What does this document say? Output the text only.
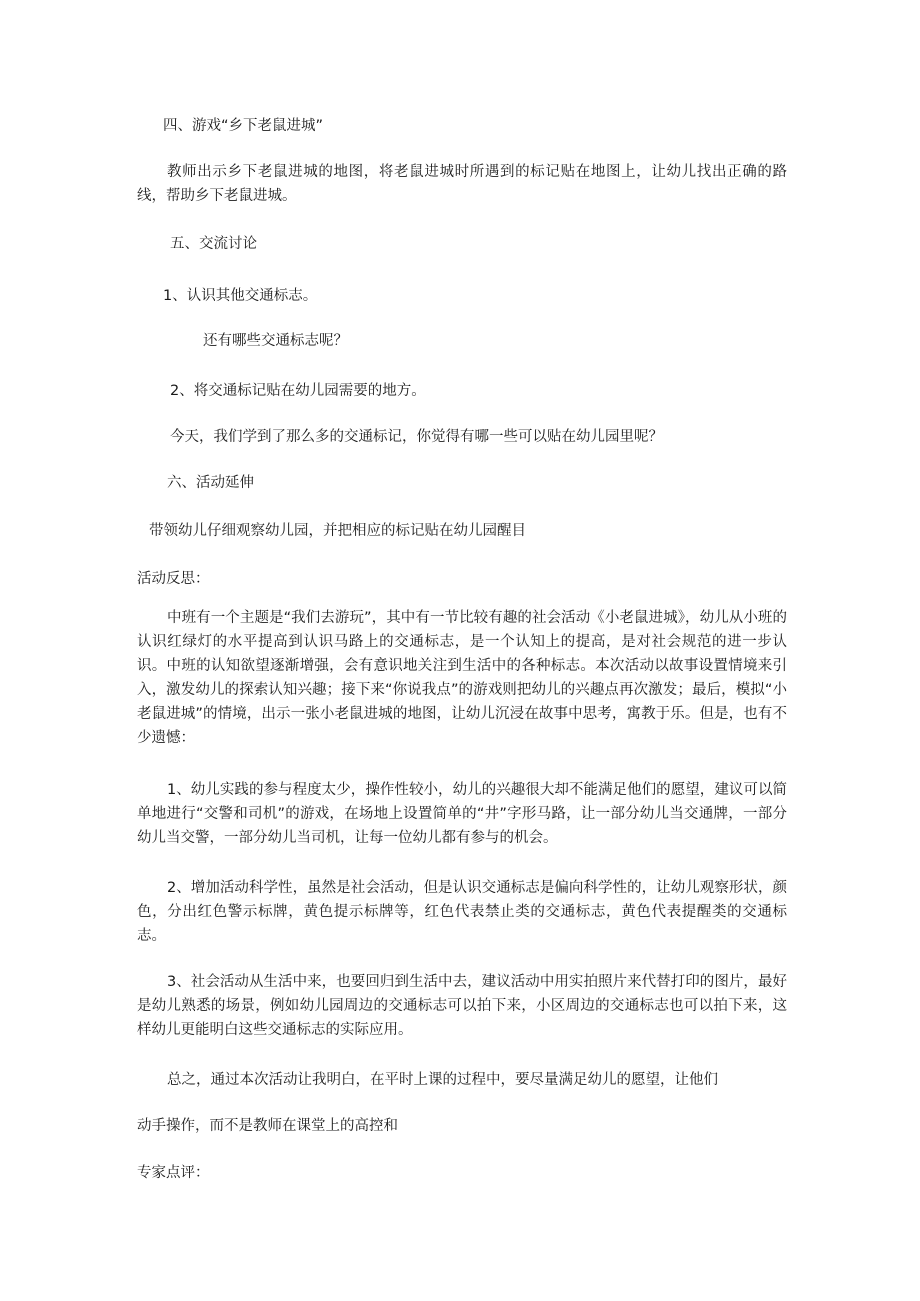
四、游戏“乡下老鼠进城”

教师出示乡下老鼠进城的地图，将老鼠进城时所遇到的标记贴在地图上，让幼儿找出正确的路线，帮助乡下老鼠进城。

五、交流讨论

1、认识其他交通标志。

还有哪些交通标志呢？

2、将交通标记贴在幼儿园需要的地方。

今天，我们学到了那么多的交通标记，你觉得有哪一些可以贴在幼儿园里呢？

六、活动延伸

带领幼儿仔细观察幼儿园，并把相应的标记贴在幼儿园醒目

活动反思：

中班有一个主题是“我们去游玩”，其中有一节比较有趣的社会活动《小老鼠进城》，幼儿从小班的认识红绿灯的水平提高到认识马路上的交通标志，是一个认知上的提高，是对社会规范的进一步认识。中班的认知欲望逐渐增强，会有意识地关注到生活中的各种标志。本次活动以故事设置情境来引入，激发幼儿的探索认知兴趣；接下来“你说我点”的游戏则把幼儿的兴趣点再次激发；最后，模拟“小老鼠进城”的情境，出示一张小老鼠进城的地图，让幼儿沉浸在故事中思考，寓教于乐。但是，也有不少遗憾：

1、幼儿实践的参与程度太少，操作性较小，幼儿的兴趣很大却不能满足他们的愿望，建议可以简单地进行“交警和司机”的游戏，在场地上设置简单的“井”字形马路，让一部分幼儿当交通牌，一部分幼儿当交警，一部分幼儿当司机，让每一位幼儿都有参与的机会。

2、增加活动科学性，虽然是社会活动，但是认识交通标志是偏向科学性的，让幼儿观察形状，颜色，分出红色警示标牌，黄色提示标牌等，红色代表禁止类的交通标志，黄色代表提醒类的交通标志。

3、社会活动从生活中来，也要回归到生活中去，建议活动中用实拍照片来代替打印的图片，最好是幼儿熟悉的场景，例如幼儿园周边的交通标志可以拍下来，小区周边的交通标志也可以拍下来，这样幼儿更能明白这些交通标志的实际应用。

总之，通过本次活动让我明白，在平时上课的过程中，要尽量满足幼儿的愿望，让他们

动手操作，而不是教师在课堂上的高控和

专家点评：
